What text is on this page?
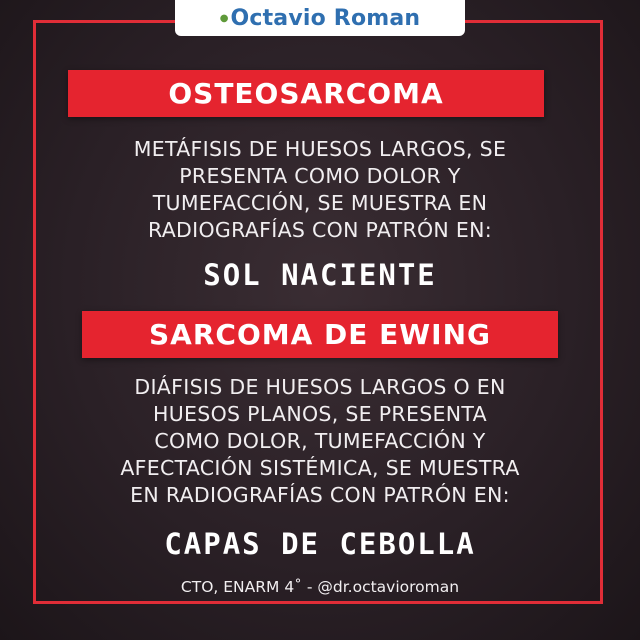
● Octavio Roman
OSTEOSARCOMA
METÁFISIS DE HUESOS LARGOS, SE
PRESENTA COMO DOLOR Y
TUMEFACCIÓN, SE MUESTRA EN
RADIOGRAFÍAS CON PATRÓN EN:
SOL NACIENTE
SARCOMA DE EWING
DIÁFISIS DE HUESOS LARGOS O EN
HUESOS PLANOS, SE PRESENTA
COMO DOLOR, TUMEFACCIÓN Y
AFECTACIÓN SISTÉMICA, SE MUESTRA
EN RADIOGRAFÍAS CON PATRÓN EN:
CAPAS DE CEBOLLA
CTO, ENARM 4˚ - @dr.octavioroman
